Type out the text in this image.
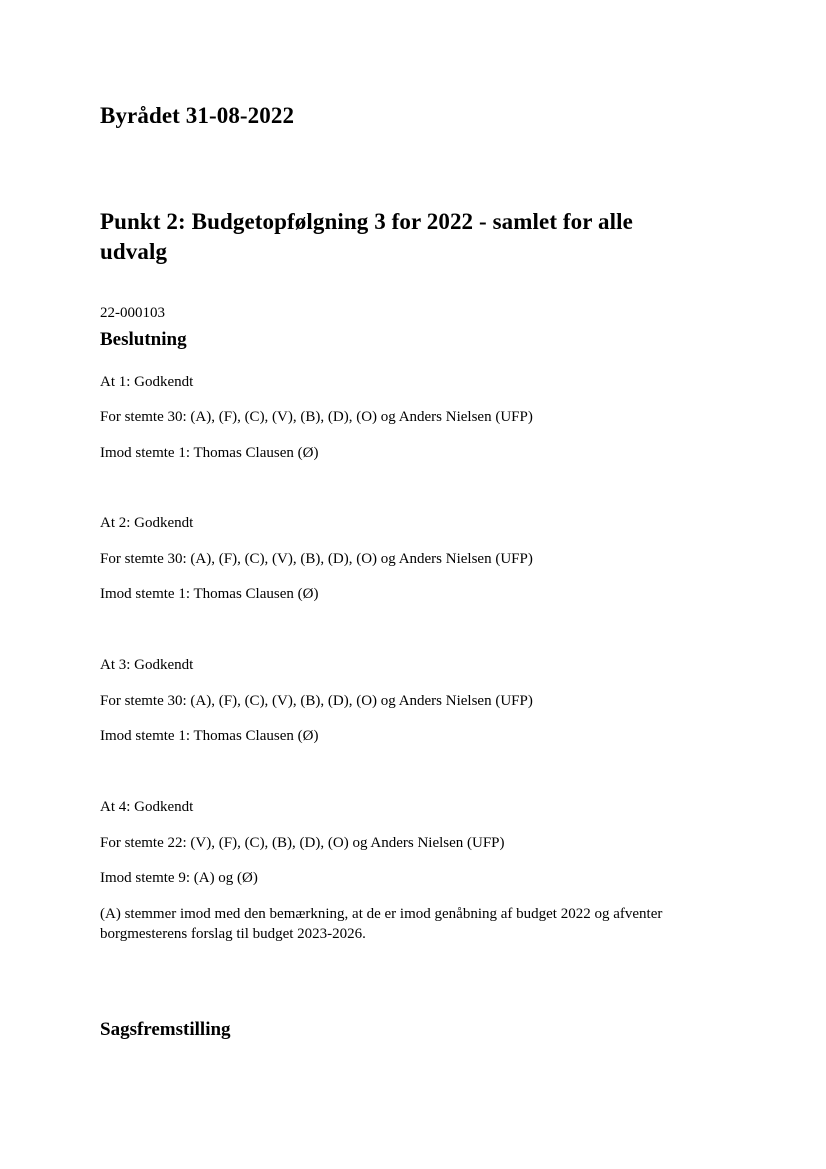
Byrådet 31-08-2022
Punkt 2: Budgetopfølgning 3 for 2022 - samlet for alle udvalg

22-000103

Beslutning

At 1: Godkendt

For stemte 30: (A), (F), (C), (V), (B), (D), (O) og Anders Nielsen (UFP)

Imod stemte 1: Thomas Clausen (Ø)

At 2: Godkendt

For stemte 30: (A), (F), (C), (V), (B), (D), (O) og Anders Nielsen (UFP)

Imod stemte 1: Thomas Clausen (Ø)

At 3: Godkendt

For stemte 30: (A), (F), (C), (V), (B), (D), (O) og Anders Nielsen (UFP)

Imod stemte 1: Thomas Clausen (Ø)

At 4: Godkendt

For stemte 22: (V), (F), (C), (B), (D), (O) og Anders Nielsen (UFP)

Imod stemte 9: (A) og (Ø)

(A) stemmer imod med den bemærkning, at de er imod genåbning af budget 2022 og afventer borgmesterens forslag til budget 2023-2026.

Sagsfremstilling
